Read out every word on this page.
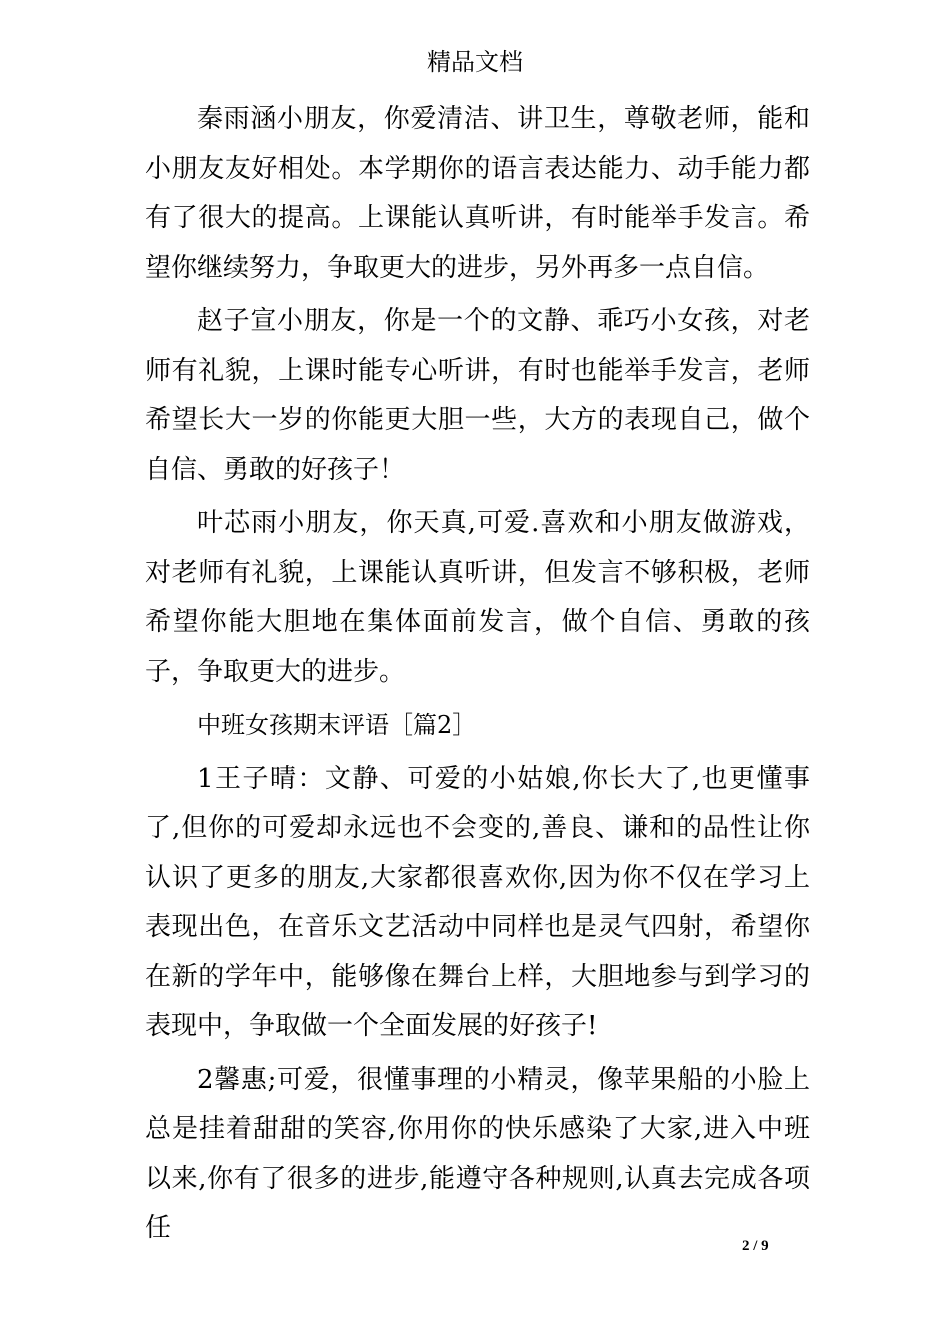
精品文档

秦雨涵小朋友，你爱清洁、讲卫生，尊敬老师，能和小朋友友好相处。本学期你的语言表达能力、动手能力都有了很大的提高。上课能认真听讲，有时能举手发言。希望你继续努力，争取更大的进步，另外再多一点自信。

赵子宣小朋友，你是一个的文静、乖巧小女孩，对老师有礼貌，上课时能专心听讲，有时也能举手发言，老师希望长大一岁的你能更大胆一些，大方的表现自己，做个自信、勇敢的好孩子！

叶芯雨小朋友，你天真,可爱.喜欢和小朋友做游戏，对老师有礼貌，上课能认真听讲，但发言不够积极，老师希望你能大胆地在集体面前发言，做个自信、勇敢的孩子，争取更大的进步。

中班女孩期末评语［篇2］

1王子晴：文静、可爱的小姑娘,你长大了,也更懂事了,但你的可爱却永远也不会变的,善良、谦和的品性让你认识了更多的朋友,大家都很喜欢你,因为你不仅在学习上表现出色，在音乐文艺活动中同样也是灵气四射，希望你在新的学年中，能够像在舞台上样，大胆地参与到学习的表现中，争取做一个全面发展的好孩子!

2馨惠;可爱，很懂事理的小精灵，像苹果船的小脸上总是挂着甜甜的笑容,你用你的快乐感染了大家,进入中班以来,你有了很多的进步,能遵守各种规则,认真去完成各项任

2 / 9
